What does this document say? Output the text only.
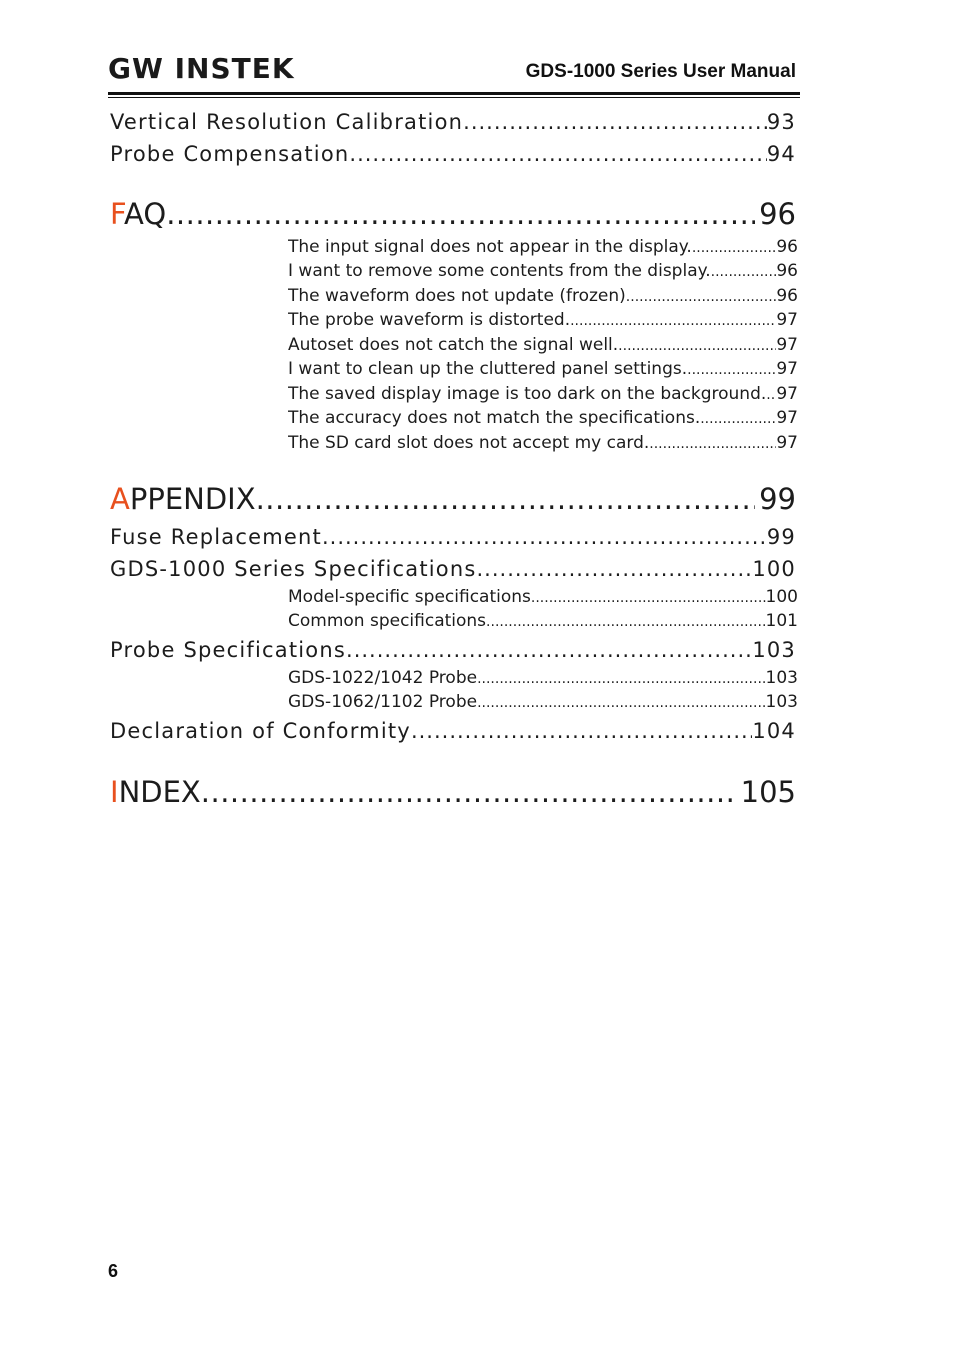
GW INSTEK	GDS-1000 Series User Manual
Vertical Resolution Calibration .....	93
Probe Compensation .....	94
FAQ .....	96
The input signal does not appear in the display. .....	96
I want to remove some contents from the display. .....	96
The waveform does not update (frozen) .....	96
The probe waveform is distorted. .....	97
Autoset does not catch the signal well. .....	97
I want to clean up the cluttered panel settings. .....	97
The saved display image is too dark on the background. ..... 97
The accuracy does not match the specifications. .....	97
The SD card slot does not accept my card. .....	97
APPENDIX .....	99
Fuse Replacement .....	99
GDS-1000 Series Specifications .....	100
Model-specific specifications .....	100
Common specifications .....	101
Probe Specifications .....	103
GDS-1022/1042 Probe .....	103
GDS-1062/1102 Probe .....	103
Declaration of Conformity .....	104
INDEX .....	105
6
